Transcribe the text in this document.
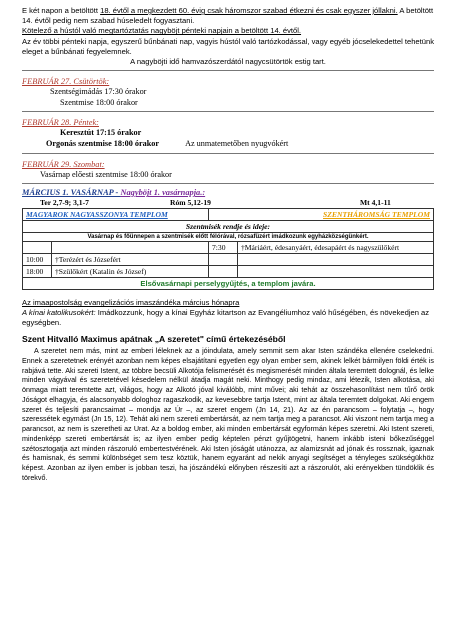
E két napon a betöltött 18. évtől a megkezdett 60. évig csak háromszor szabad étkezni és csak egyszer jóllakni. A betöltött 14. évtől pedig nem szabad húseledelt fogyasztani.
Kötelező a hústól való megtartóztatás nagyböjt pénteki napjain a betöltött 14. évtől.
Az év többi pénteki napja, egyszerű bűnbánati nap, vagyis hústól való tartózkodással, vagy egyéb jócselekedettel tehetünk eleget a bűnbánati fegyelemnek.
A nagyböjti idő hamvazószerdától nagycsütörtök estig tart.
FEBRUÁR 27. Csütörtök:
Szentségimádás 17:30 órakor
Szentmise 18:00 órakor
FEBRUÁR 28. Péntek:
Keresztút 17:15 órakor
Orgonás szentmise 18:00 órakor	Az unmatemetőben nyugvókért
FEBRUÁR 29. Szombat:
Vasárnap előesti szentmise 18:00 órakor
MÁRCIUS 1. VASÁRNAP - Nagyböjt 1. vasárnapja.:
Ter 2,7-9; 3,1-7	Róm 5,12-19	Mt 4,1-11
MAGYAROK NAGYASSZONYA TEMPLOM		SZENTHÁROMSÁG TEMPLOM	
Szentmisék rendje és ideje:			
Vasárnap és főünnepen a szentmisék előtt félórával, rózsafüzért imádkozunk egyházközségünkért.			
		7:30	†Máriáért, édesanyáért, édesapáért és nagyszülőkért
10:00	†Terézért és Józsefért		
18:00	†Szülőkért (Katalin és József)		
Elsővasárnapi perselygyűjtés, a templom javára.			
Az imaapostolság evangelizációs imaszándéka március hónapra
A kínai katolikusokért: Imádkozzunk, hogy a kínai Egyház kitartson az Evangéliumhoz való hűségében, és növekedjen az egységben.
Szent Hitvalló Maximus apátnak „A szeretet" című értekezéséből

A szeretet nem más, mint az emberi léleknek az a jóindulata, amely semmit sem akar Isten szándéka ellenére cselekedni. Ennek a szeretetnek erényét azonban nem képes elsajátítani egyetlen egy olyan ember sem, akinek lelkét bármilyen földi érték is rabjává tette. Aki szereti Istent, az többre becsüli Alkotója felismerését és megismerését minden általa teremtett dolognál, és lelke minden vágyával és szeretetével késedelem nélkül átadja magát neki. Minthogy pedig mindaz, ami létezik, Isten alkotása, aki önmaga miatt teremtette azt, világos, hogy az Alkotó jóval kiválóbb, mint művei; aki tehát az összehasonlítást nem tűrő örök Jóságot elhagyja, és alacsonyabb dologhoz ragaszkodik, az kevesebbre tartja Istent, mint az általa teremtett dolgokat. Aki engem szeret és teljesíti parancsaimat – mondja az Úr –, az szeret engem (Jn 14, 21). Az az én parancsom – folytatja –, hogy szeressétek egymást (Jn 15, 12). Tehát aki nem szereti embertársát, az nem tartja meg a parancsot. Aki viszont nem tartja meg a parancsot, az nem is szeretheti az Urat. Az a boldog ember, aki minden embertársát egyformán képes szeretni. Aki Istent szereti, mindenképp szereti embertársát is; az ilyen ember pedig képtelen pénzt gyűjtögetni, hanem inkább isteni bőkezűséggel szétosztogatja azt minden rászoruló embertestvérének. Aki Isten jóságát utánozza, az alamizsnát ad jónak és rossznak, igaznak és hamisnak, és semmi különbséget sem tesz köztük, hanem egyaránt ad nekik anyagi segítséget a tényleges szükségükhöz képest. Azonban az ilyen ember is jobban teszi, ha jószándékú előnyben részesíti azt a rászorulót, aki erényekben tündöklik és törekvő.
